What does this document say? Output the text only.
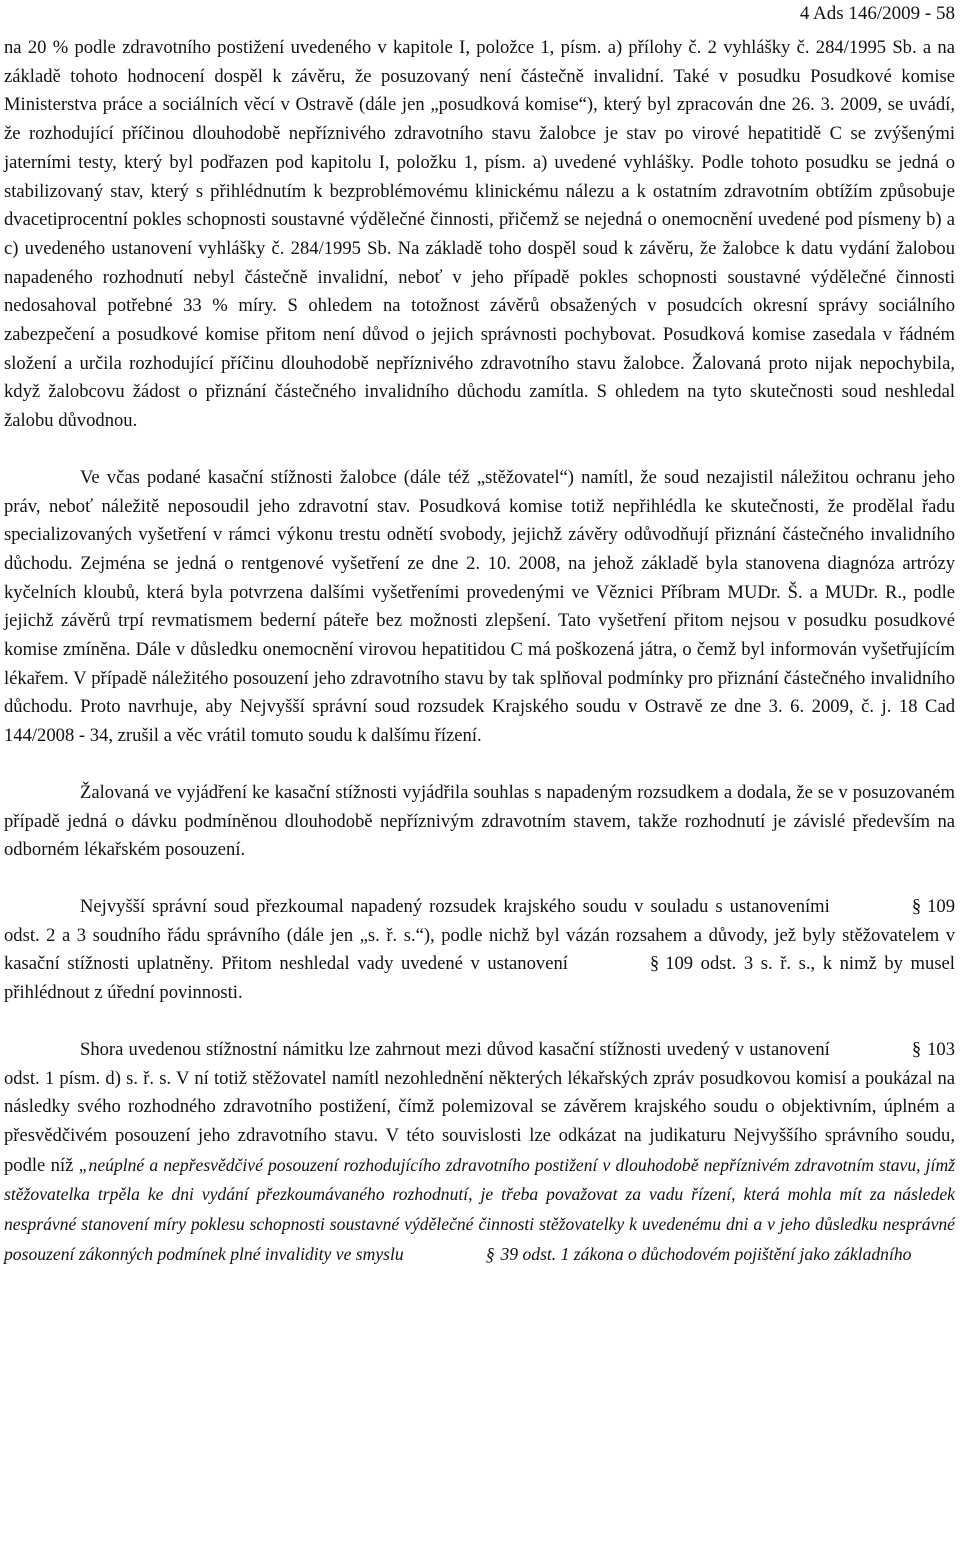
4 Ads 146/2009 - 58

na 20 % podle zdravotního postižení uvedeného v kapitole I, položce 1, písm. a) přílohy č. 2 vyhlášky č. 284/1995 Sb. a na základě tohoto hodnocení dospěl k závěru, že posuzovaný není částečně invalidní. Také v posudku Posudkové komise Ministerstva práce a sociálních věcí v Ostravě (dále jen „posudková komise“), který byl zpracován dne 26. 3. 2009, se uvádí, že rozhodující příčinou dlouhodobě nepříznivého zdravotního stavu žalobce je stav po virové hepatitidě C se zvýšenými jaterními testy, který byl podřazen pod kapitolu I, položku 1, písm. a) uvedené vyhlášky. Podle tohoto posudku se jedná o stabilizovaný stav, který s přihlédnutím k bezproblémovému klinickému nálezu a k ostatním zdravotním obtížím způsobuje dvacetiprocentní pokles schopnosti soustavné výdělečné činnosti, přičemž se nejedná o onemocnění uvedené pod písmeny b) a c) uvedeného ustanovení vyhlášky č. 284/1995 Sb. Na základě toho dospěl soud k závěru, že žalobce k datu vydání žalobou napadeného rozhodnutí nebyl částečně invalidní, neboť v jeho případě pokles schopnosti soustavné výdělečné činnosti nedosahoval potřebné 33 % míry. S ohledem na totožnost závěrů obsažených v posudcích okresní správy sociálního zabezpečení a posudkové komise přitom není důvod o jejich správnosti pochybovat. Posudková komise zasedala v řádném složení a určila rozhodující příčinu dlouhodobě nepříznivého zdravotního stavu žalobce. Žalovaná proto nijak nepochybila, když žalobcovu žádost o přiznání částečného invalidního důchodu zamítla. S ohledem na tyto skutečnosti soud neshledal žalobu důvodnou.

Ve včas podané kasační stížnosti žalobce (dále též „stěžovatel“) namítl, že soud nezajistil náležitou ochranu jeho práv, neboť náležitě neposoudil jeho zdravotní stav. Posudková komise totiž nepřihlédla ke skutečnosti, že prodělal řadu specializovaných vyšetření v rámci výkonu trestu odnětí svobody, jejichž závěry odůvodňují přiznání částečného invalidního důchodu. Zejména se jedná o rentgenové vyšetření ze dne 2. 10. 2008, na jehož základě byla stanovena diagnóza artrózy kyčelních kloubů, která byla potvrzena dalšími vyšetřeními provedenými ve Věznici Příbram MUDr. Š. a MUDr. R., podle jejichž závěrů trpí revmatismem bederní páteře bez možnosti zlepšení. Tato vyšetření přitom nejsou v posudku posudkové komise zmíněna. Dále v důsledku onemocnění virovou hepatitidou C má poškozená játra, o čemž byl informován vyšetřujícím lékařem. V případě náležitého posouzení jeho zdravotního stavu by tak splňoval podmínky pro přiznání částečného invalidního důchodu. Proto navrhuje, aby Nejvyšší správní soud rozsudek Krajského soudu v Ostravě ze dne 3. 6. 2009, č. j. 18 Cad 144/2008 - 34, zrušil a věc vrátil tomuto soudu k dalšímu řízení.

Žalovaná ve vyjádření ke kasační stížnosti vyjádřila souhlas s napadeným rozsudkem a dodala, že se v posuzovaném případě jedná o dávku podmíněnou dlouhodobě nepříznivým zdravotním stavem, takže rozhodnutí je závislé především na odborném lékařském posouzení.

Nejvyšší správní soud přezkoumal napadený rozsudek krajského soudu v souladu s ustanoveními	§ 109 odst. 2 a 3 soudního řádu správního (dále jen „s. ř. s.“), podle nichž byl vázán rozsahem a důvody, jež byly stěžovatelem v kasační stížnosti uplatněny. Přitom neshledal vady uvedené v ustanovení	§ 109 odst. 3 s. ř. s., k nimž by musel přihlédnout z úřední povinnosti.

Shora uvedenou stížnostní námitku lze zahrnout mezi důvod kasační stížnosti uvedený v ustanovení	§ 103 odst. 1 písm. d) s. ř. s. V ní totiž stěžovatel namítl nezohlednění některých lékařských zpráv posudkovou komisí a poukázal na následky svého rozhodného zdravotního postižení, čímž polemizoval se závěrem krajského soudu o objektivním, úplném a přesvědčivém posouzení jeho zdravotního stavu. V této souvislosti lze odkázat na judikaturu Nejvyššího správního soudu, podle níž „neúplné a nepřesvědčivé posouzení rozhodujícího zdravotního postižení v dlouhodobě nepříznivém zdravotním stavu, jímž stěžovatelka trpěla ke dni vydání přezkoumávaného rozhodnutí, je třeba považovat za vadu řízení, která mohla mít za následek nesprávné stanovení míry poklesu schopnosti soustavné výdělečné činnosti stěžovatelky k uvedenému dni a v jeho důsledku nesprávné posouzení zákonných podmínek plné invalidity ve smyslu	§ 39 odst. 1 zákona o důchodovém pojištění jako základního
